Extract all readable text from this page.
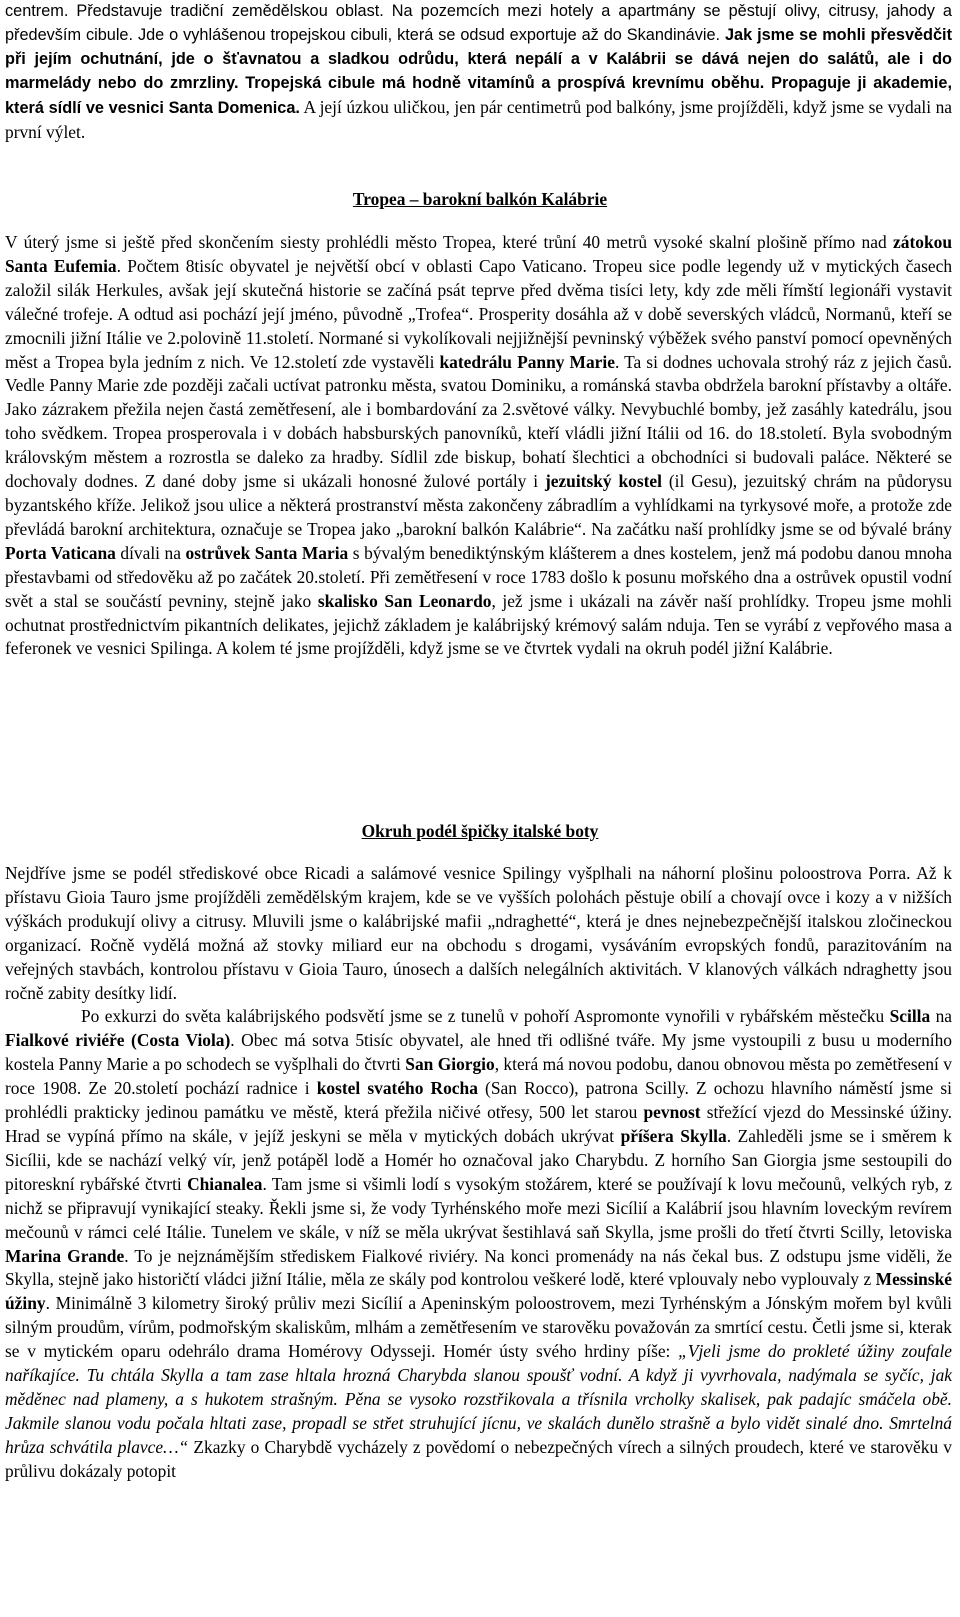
centrem. Představuje tradiční zemědělskou oblast. Na pozemcích mezi hotely a apartmány se pěstují olivy, citrusy, jahody a především cibule. Jde o vyhlášenou tropejskou cibuli, která se odsud exportuje až do Skandinávie. Jak jsme se mohli přesvědčit při jejím ochutnání, jde o šťavnatou a sladkou odrůdu, která nepálí a v Kalábrii se dává nejen do salátů, ale i do marmelády nebo do zmrzliny. Tropejská cibule má hodně vitamínů a prospívá krevnímu oběhu. Propaguje ji akademie, která sídlí ve vesnici Santa Domenica. A její úzkou uličkou, jen pár centimetrů pod balkóny, jsme projížděli, když jsme se vydali na první výlet.
Tropea – barokní balkón Kalábrie
V úterý jsme si ještě před skončením siesty prohlédli město Tropea, které trůní 40 metrů vysoké skalní plošině přímo nad zátokou Santa Eufemia. Počtem 8tisíc obyvatel je největší obcí v oblasti Capo Vaticano. Tropeu sice podle legendy už v mytických časech založil silák Herkules, avšak její skutečná historie se začíná psát teprve před dvěma tisíci lety, kdy zde měli římští legionáři vystavit válečné trofeje. A odtud asi pochází její jméno, původně „Trofea“. Prosperity dosáhla až v době severských vládců, Normanů, kteří se zmocnili jižní Itálie ve 2.polovině 11.století. Normané si vykolíkovali nejjižnější pevninský výběžek svého panství pomocí opevněných měst a Tropea byla jedním z nich. Ve 12.století zde vystavěli katedrálu Panny Marie. Ta si dodnes uchovala strohý ráz z jejich časů. Vedle Panny Marie zde později začali uctívat patronku města, svatou Dominiku, a románská stavba obdržela barokní přístavby a oltáře. Jako zázrakem přežila nejen častá zemětřesení, ale i bombardování za 2.světové války. Nevybuchlé bomby, jež zasáhly katedrálu, jsou toho svědkem. Tropea prosperovala i v dobách habsburských panovníků, kteří vládli jižní Itálii od 16. do 18.století. Byla svobodným královským městem a rozrostla se daleko za hradby. Sídlil zde biskup, bohatí šlechtici a obchodníci si budovali paláce. Některé se dochovaly dodnes. Z dané doby jsme si ukázali honosné žulové portály i jezuitský kostel (il Gesu), jezuitský chrám na půdorysu byzantského kříže. Jelikož jsou ulice a některá prostranství města zakončeny zábradlím a vyhlídkami na tyrkysové moře, a protože zde převládá barokní architektura, označuje se Tropea jako „barokní balkón Kalábrie“. Na začátku naší prohlídky jsme se od bývalé brány Porta Vaticana dívali na ostrůvek Santa Maria s bývalým benediktýnským klášterem a dnes kostelem, jenž má podobu danou mnoha přestavbami od středověku až po začátek 20.století. Při zemětřesení v roce 1783 došlo k posunu mořského dna a ostrůvek opustil vodní svět a stal se součástí pevniny, stejně jako skalisko San Leonardo, jež jsme i ukázali na závěr naší prohlídky. Tropeu jsme mohli ochutnat prostřednictvím pikantních delikates, jejichž základem je kalábrijský krémový salám nduja. Ten se vyrábí z vepřového masa a feferonek ve vesnici Spilinga. A kolem té jsme projížděli, když jsme se ve čtvrtek vydali na okruh podél jižní Kalábrie.
Okruh podél špičky italské boty
Nejdříve jsme se podél střediskové obce Ricadi a salámové vesnice Spilingy vyšplhali na náhorní plošinu poloostrova Porra. Až k přístavu Gioia Tauro jsme projížděli zemědělským krajem, kde se ve vyšších polohách pěstuje obilí a chovají ovce i kozy a v nižších výškách produkují olivy a citrusy. Mluvili jsme o kalábrijské mafii „ndraghetté“, která je dnes nejnebezpečnější italskou zločineckou organizací. Ročně vydělá možná až stovky miliard eur na obchodu s drogami, vysáváním evropských fondů, parazitováním na veřejných stavbách, kontrolou přístavu v Gioia Tauro, únosech a dalších nelegálních aktivitách. V klanových válkách ndraghetty jsou ročně zabity desítky lidí.
Po exkurzi do světa kalábrijského podsvětí jsme se z tunelů v pohoří Aspromonte vynořili v rybářském městečku Scilla na Fialkové riviéře (Costa Viola). Obec má sotva 5tisíc obyvatel, ale hned tři odlišné tváře. My jsme vystoupili z busu u moderního kostela Panny Marie a po schodech se vyšplhali do čtvrti San Giorgio, která má novou podobu, danou obnovou města po zemětřesení v roce 1908. Ze 20.století pochází radnice i kostel svatého Rocha (San Rocco), patrona Scilly. Z ochozu hlavního náměstí jsme si prohlédli prakticky jedinou památku ve městě, která přežila ničivé otřesy, 500 let starou pevnost střežící vjezd do Messinské úžiny. Hrad se vypíná přímo na skále, v jejíž jeskyni se měla v mytických dobách ukrývat příšera Skylla. Zahleděli jsme se i směrem k Sicílii, kde se nachází velký vír, jenž potápěl lodě a Homér ho označoval jako Charybdu. Z horního San Giorgia jsme sestoupili do pitoreskní rybářské čtvrti Chianalea. Tam jsme si všimli lodí s vysokým stožárem, které se používají k lovu mečounů, velkých ryb, z nichž se připravují vynikající steaky. Řekli jsme si, že vody Tyrhénského moře mezi Sicílií a Kalábrií jsou hlavním loveckým revírem mečounů v rámci celé Itálie. Tunelem ve skále, v níž se měla ukrývat šestihlavá saň Skylla, jsme prošli do třetí čtvrti Scilly, letoviska Marina Grande. To je nejznámějším střediskem Fialkové riviéry. Na konci promenády na nás čekal bus. Z odstupu jsme viděli, že Skylla, stejně jako historičtí vládci jižní Itálie, měla ze skály pod kontrolou veškeré lodě, které vplouvaly nebo vyplouvaly z Messinské úžiny. Minimálně 3 kilometry široký průliv mezi Sicílií a Apeninským poloostrovem, mezi Tyrhénským a Jónským mořem byl kvůli silným proudům, vírům, podmořským skaliskům, mlhám a zemětřesením ve starověku považován za smrtící cestu. Četli jsme si, kterak se v mytickém oparu odehrálo drama Homérovy Odysseji. Homér ústy svého hrdiny píše: „Vjeli jsme do prokleté úžiny zoufale naříkajíce. Tu chtála Skylla a tam zase hltala hrozná Charybda slanou spoušť vodní. A když ji vyvrhovala, nadýmala se syčíc, jak měděnec nad plameny, a s hukotem strašným. Pěna se vysoko rozstřikovala a třísnila vrcholky skalisek, pak padajíc smáčela obě. Jakmile slanou vodu počala hltati zase, propadl se střet struhující jícnu, ve skalách dunělo strašně a bylo vidět sinalé dno. Smrtelná hrůza schvátila plavce…“ Zkazky o Charybdě vycházely z povědomí o nebezpečných vírech a silných proudech, které ve starověku v průlivu dokázaly potopit
